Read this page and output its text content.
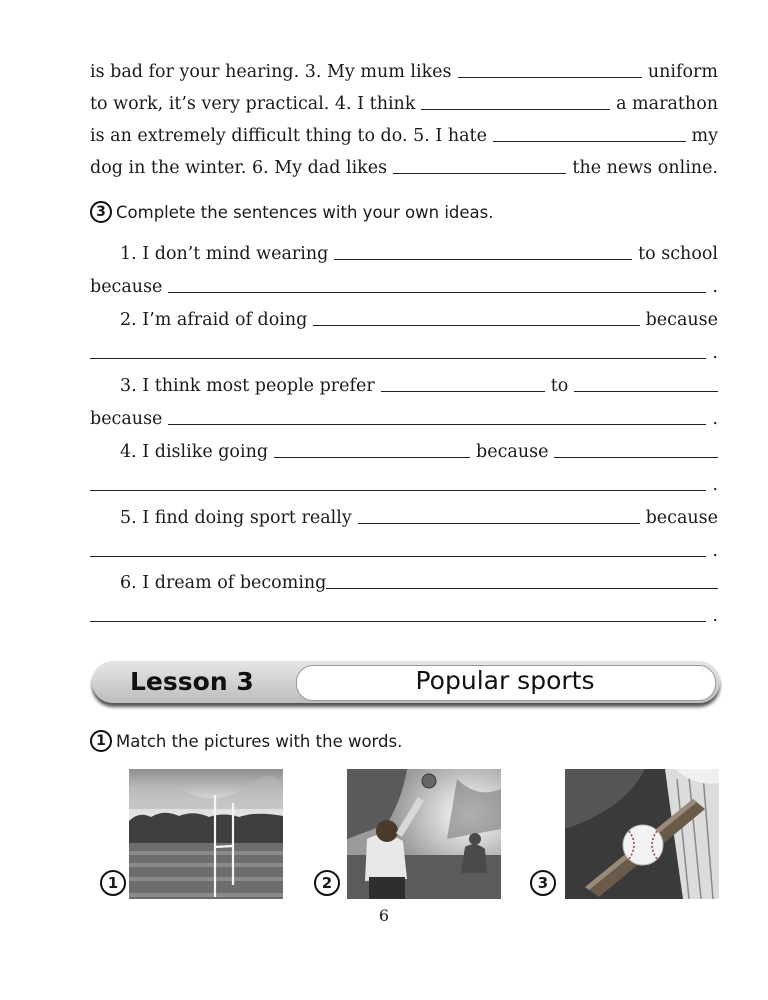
is bad for your hearing. 3. My mum likes	uniform
to work, it’s very practical. 4. I think	a marathon
is an extremely difficult thing to do. 5. I hate	my
dog in the winter. 6. My dad likes	the news online.
3 Complete the sentences with your own ideas.
1. I don’t mind wearing	to school
because	.
2. I’m afraid of doing	because
.
3. I think most people prefer	to
because	.
4. I dislike going	because
.
5. I find doing sport really	because
.
6. I dream of becoming
.
Lesson 3	Popular sports
1 Match the pictures with the words.
1	2	3
6
